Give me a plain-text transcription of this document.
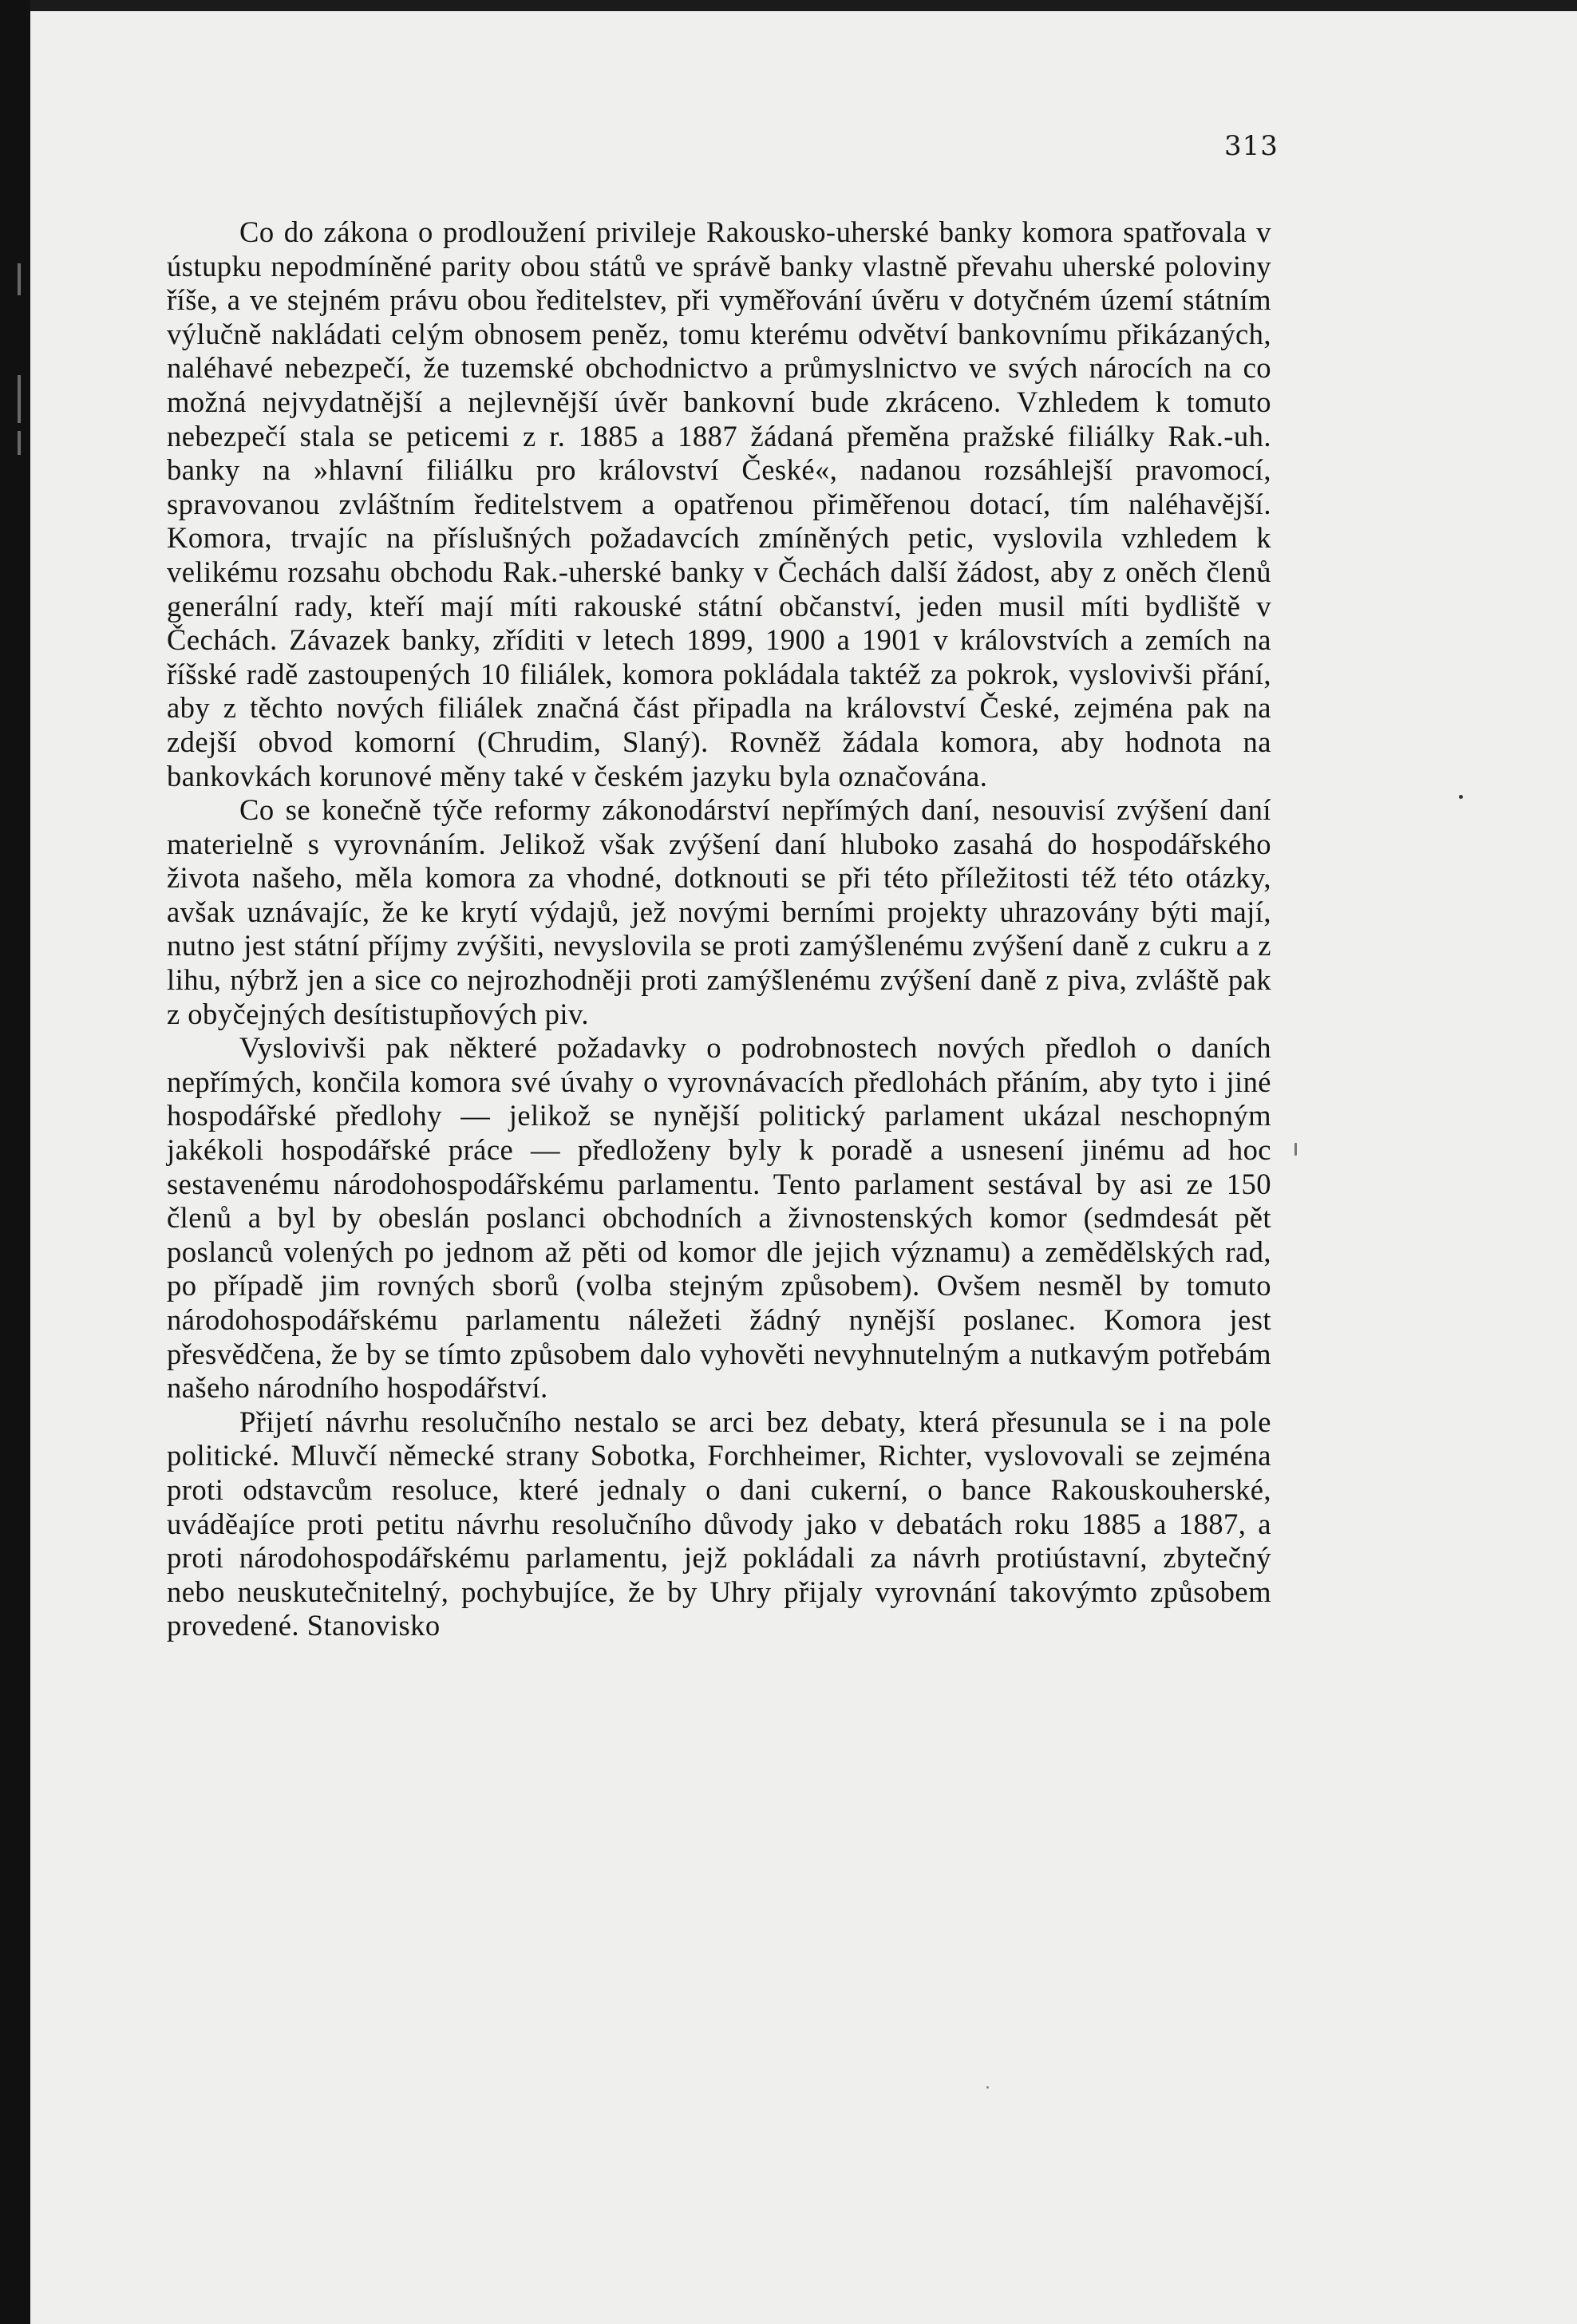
313

Co do zákona o prodloužení privileje Rakousko-uherské banky komora spatřovala v ústupku nepodmíněné parity obou států ve správě banky vlastně převahu uherské poloviny říše, a ve stejném právu obou ředitelstev, při vyměřování úvěru v dotyčném území státním výlučně nakládati celým obnosem peněz, tomu kterému odvětví bankovnímu přikázaných, naléhavé nebezpečí, že tuzemské obchodnictvo a průmyslnictvo ve svých nárocích na co možná nejvydatnější a nejlevnější úvěr bankovní bude zkráceno. Vzhledem k tomuto nebezpečí stala se peticemi z r. 1885 a 1887 žádaná přeměna pražské filiálky Rak.-uh. banky na »hlavní filiálku pro království České«, nadanou rozsáhlejší pravomocí, spravovanou zvláštním ředitelstvem a opatřenou přiměřenou dotací, tím naléhavější. Komora, trvajíc na příslušných požadavcích zmíněných petic, vyslovila vzhledem k velikému rozsahu obchodu Rak.-uherské banky v Čechách další žádost, aby z oněch členů generální rady, kteří mají míti rakouské státní občanství, jeden musil míti bydliště v Čechách. Závazek banky, zříditi v letech 1899, 1900 a 1901 v královstvích a zemích na říšské radě zastoupených 10 filiálek, komora pokládala taktéž za pokrok, vyslovivši přání, aby z těchto nových filiálek značná část připadla na království České, zejména pak na zdejší obvod komorní (Chrudim, Slaný). Rovněž žádala komora, aby hodnota na bankovkách korunové měny také v českém jazyku byla označována.

Co se konečně týče reformy zákonodárství nepřímých daní, nesouvisí zvýšení daní materielně s vyrovnáním. Jelikož však zvýšení daní hluboko zasahá do hospodářského života našeho, měla komora za vhodné, dotknouti se při této příležitosti též této otázky, avšak uznávajíc, že ke krytí výdajů, jež novými berními projekty uhrazovány býti mají, nutno jest státní příjmy zvýšiti, nevyslovila se proti zamýšlenému zvýšení daně z cukru a z lihu, nýbrž jen a sice co nejrozhodněji proti zamýšlenému zvýšení daně z piva, zvláště pak z obyčejných desítistupňových piv.

Vyslovivši pak některé požadavky o podrobnostech nových předloh o daních nepřímých, končila komora své úvahy o vyrovnávacích předlohách přáním, aby tyto i jiné hospodářské předlohy — jelikož se nynější politický parlament ukázal neschopným jakékoli hospodářské práce — předloženy byly k poradě a usnesení jinému ad hoc sestavenému národohospodářskému parlamentu. Tento parlament sestával by asi ze 150 členů a byl by obeslán poslanci obchodních a živnostenských komor (sedmdesát pět poslanců volených po jednom až pěti od komor dle jejich významu) a zemědělských rad, po případě jim rovných sborů (volba stejným způsobem). Ovšem nesměl by tomuto národohospodářskému parlamentu náležeti žádný nynější poslanec. Komora jest přesvědčena, že by se tímto způsobem dalo vyhověti nevyhnutelným a nutkavým potřebám našeho národního hospodářství.

Přijetí návrhu resolučního nestalo se arci bez debaty, která přesunula se i na pole politické. Mluvčí německé strany Sobotka, Forchheimer, Richter, vyslovovali se zejména proti odstavcům resoluce, které jednaly o dani cukerní, o bance Rakouskouherské, uváděajíce proti petitu návrhu resolučního důvody jako v debatách roku 1885 a 1887, a proti národohospodářskému parlamentu, jejž pokládali za návrh protiústavní, zbytečný nebo neuskutečnitelný, pochybujíce, že by Uhry přijaly vyrovnání takovýmto způsobem provedené. Stanovisko
